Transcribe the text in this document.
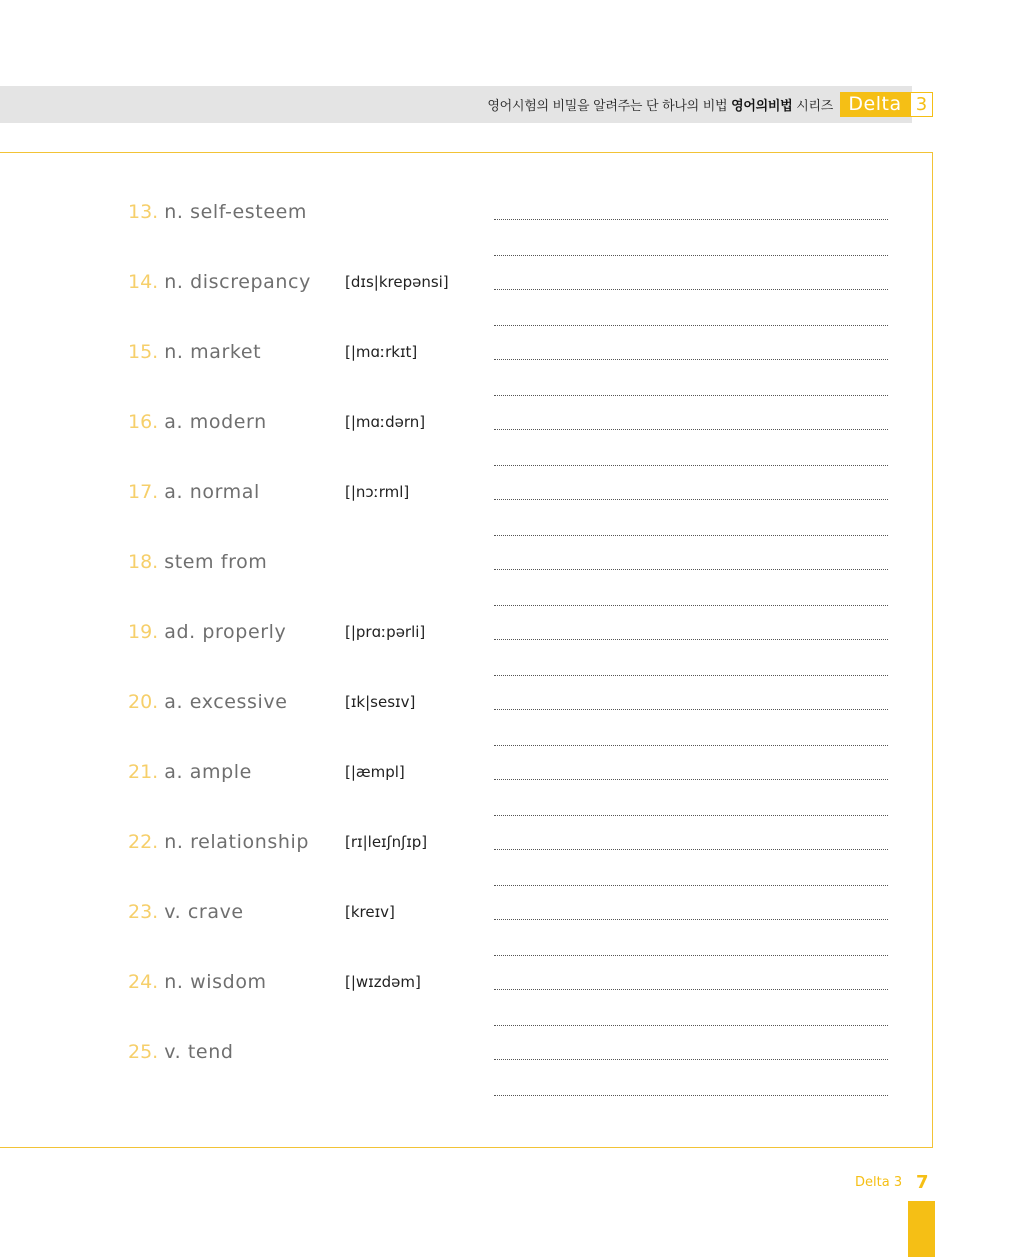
영어시험의 비밀을 알려주는 단 하나의 비법 영어의비법 시리즈 Delta 3
13. n. self-esteem
14. n. discrepancy [dɪs|krepənsi]
15. n. market	[|mɑːrkɪt]
16. a. modern	[|mɑːdərn]
17. a. normal	[|nɔːrml]
18. stem from
19. ad. properly	[|prɑːpərli]
20. a. excessive	[ɪk|sesɪv]
21. a. ample	[|æmpl]
22. n. relationship [rɪ|leɪʃnʃɪp]
23. v. crave	[kreɪv]
24. n. wisdom	[|wɪzdəm]
25. v. tend
Delta 3 7
